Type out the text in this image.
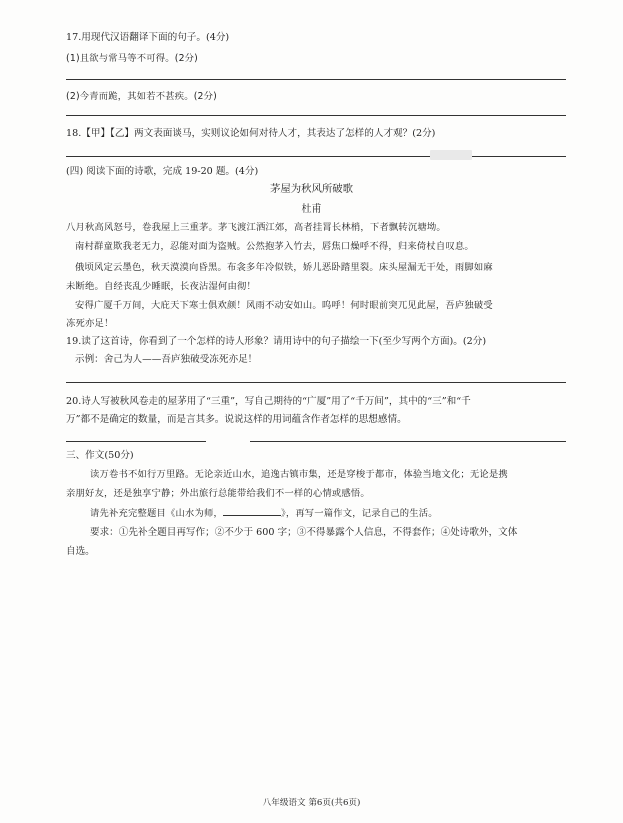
17.用现代汉语翻译下面的句子。(4分)
(1)且欲与常马等不可得。(2分)
(2)今青而跪，其如若不甚疾。(2分)
18.【甲】【乙】两文表面谈马，实则议论如何对待人才，其表达了怎样的人才观？(2分)
(四) 阅读下面的诗歌，完成 19-20 题。(4分)
茅屋为秋风所破歌
杜甫
八月秋高风怒号，卷我屋上三重茅。茅飞渡江洒江郊，高者挂罥长林梢，下者飘转沉塘坳。
南村群童欺我老无力，忍能对面为盗贼。公然抱茅入竹去，唇焦口燥呼不得，归来倚杖自叹息。
俄顷风定云墨色，秋天漠漠向昏黑。布衾多年冷似铁，娇儿恶卧踏里裂。床头屋漏无干处，雨脚如麻
未断绝。自经丧乱少睡眠，长夜沾湿何由彻！
安得广厦千万间，大庇天下寒士俱欢颜！风雨不动安如山。呜呼！何时眼前突兀见此屋，吾庐独破受
冻死亦足！
19.读了这首诗，你看到了一个怎样的诗人形象？请用诗中的句子描绘一下(至少写两个方面)。(2分)
示例：舍己为人——吾庐独破受冻死亦足！
20.诗人写被秋风卷走的屋茅用了“三重”，写自己期待的“广厦”用了“千万间”，其中的“三”和“千
万”都不是确定的数量，而是言其多。说说这样的用词蕴含作者怎样的思想感情。
三、作文(50分)
读万卷书不如行万里路。无论亲近山水，追逸古镇市集，还是穿梭于都市，体验当地文化；无论是携
亲朋好友，还是独享宁静；外出旅行总能带给我们不一样的心情或感悟。
请先补充完整题目《山水为师，	》，再写一篇作文，记录自己的生活。
要求：①先补全题目再写作；②不少于 600 字；③不得暴露个人信息，不得套作；④处诗歌外，文体
自选。
八年级语文 第6页(共6页)
